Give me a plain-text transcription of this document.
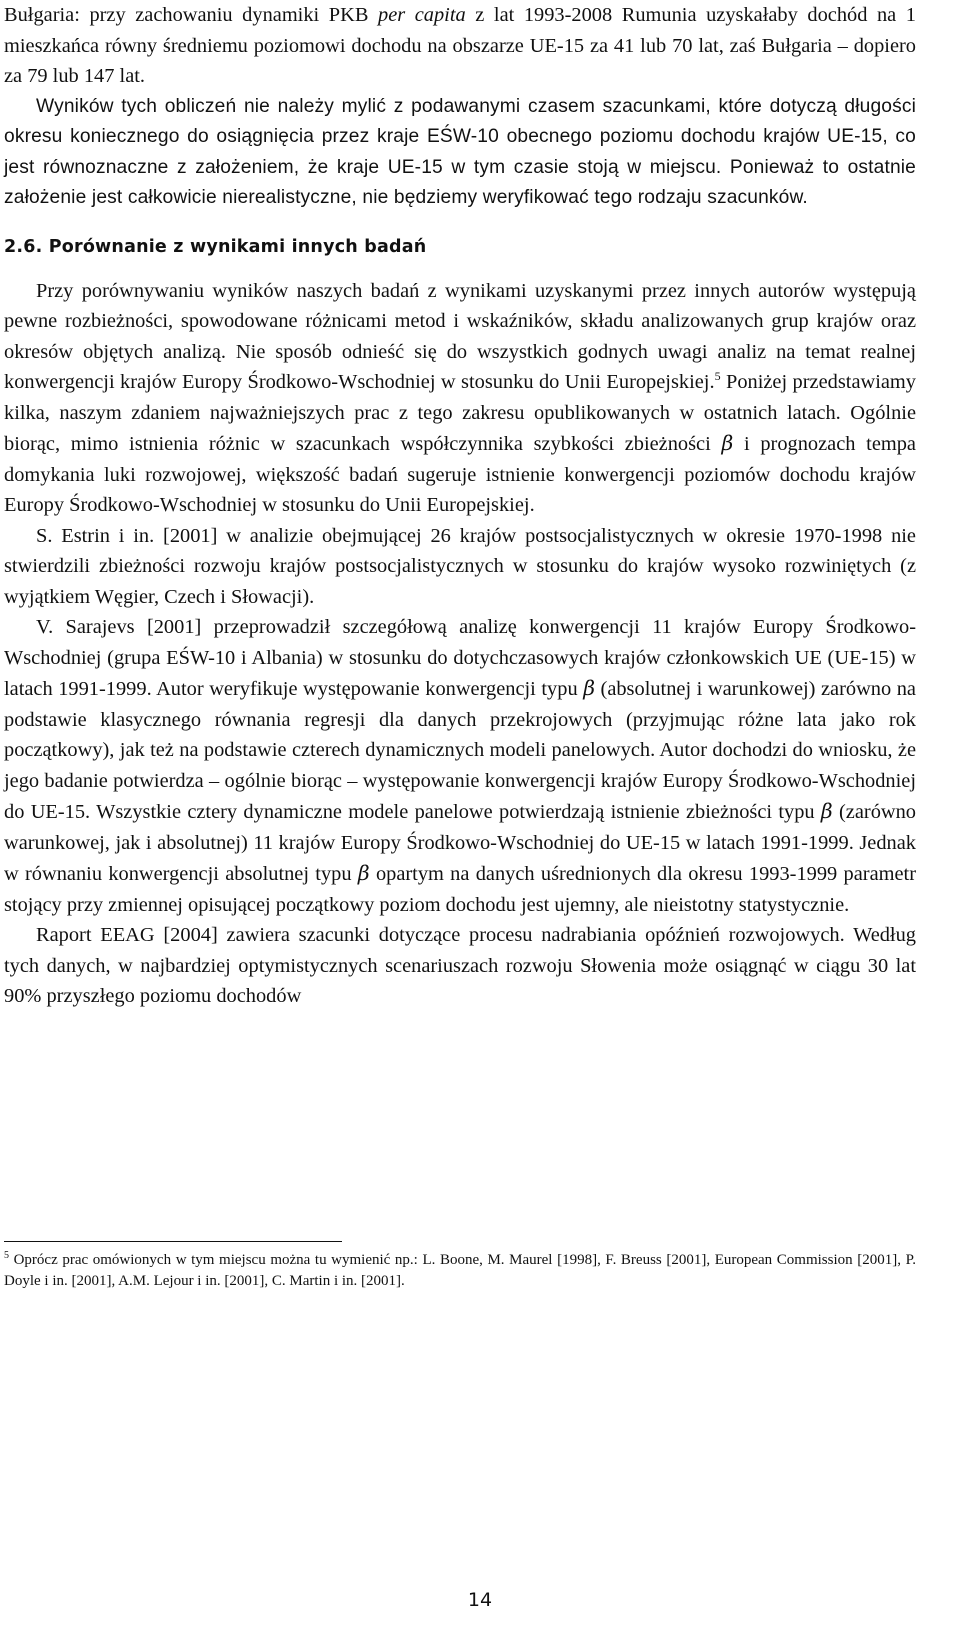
Bułgaria: przy zachowaniu dynamiki PKB per capita z lat 1993-2008 Rumunia uzyskałaby dochód na 1 mieszkańca równy średniemu poziomowi dochodu na obszarze UE-15 za 41 lub 70 lat, zaś Bułgaria – dopiero za 79 lub 147 lat.

Wyników tych obliczeń nie należy mylić z podawanymi czasem szacunkami, które dotyczą długości okresu koniecznego do osiągnięcia przez kraje EŚW-10 obecnego poziomu dochodu krajów UE-15, co jest równoznaczne z założeniem, że kraje UE-15 w tym czasie stoją w miejscu. Ponieważ to ostatnie założenie jest całkowicie nierealistyczne, nie będziemy weryfikować tego rodzaju szacunków.

2.6. Porównanie z wynikami innych badań

Przy porównywaniu wyników naszych badań z wynikami uzyskanymi przez innych autorów występują pewne rozbieżności, spowodowane różnicami metod i wskaźników, składu analizowanych grup krajów oraz okresów objętych analizą. Nie sposób odnieść się do wszystkich godnych uwagi analiz na temat realnej konwergencji krajów Europy Środkowo-Wschodniej w stosunku do Unii Europejskiej.$^5$ Poniżej przedstawiamy kilka, naszym zdaniem najważniejszych prac z tego zakresu opublikowanych w ostatnich latach. Ogólnie biorąc, mimo istnienia różnic w szacunkach współczynnika szybkości zbieżności β i prognozach tempa domykania luki rozwojowej, większość badań sugeruje istnienie konwergencji poziomów dochodu krajów Europy Środkowo-Wschodniej w stosunku do Unii Europejskiej.

S. Estrin i in. [2001] w analizie obejmującej 26 krajów postsocjalistycznych w okresie 1970-1998 nie stwierdzili zbieżności rozwoju krajów postsocjalistycznych w stosunku do krajów wysoko rozwiniętych (z wyjątkiem Węgier, Czech i Słowacji).

V. Sarajevs [2001] przeprowadził szczegółową analizę konwergencji 11 krajów Europy Środkowo-Wschodniej (grupa EŚW-10 i Albania) w stosunku do dotychczasowych krajów członkowskich UE (UE-15) w latach 1991-1999. Autor weryfikuje występowanie konwergencji typu β (absolutnej i warunkowej) zarówno na podstawie klasycznego równania regresji dla danych przekrojowych (przyjmując różne lata jako rok początkowy), jak też na podstawie czterech dynamicznych modeli panelowych. Autor dochodzi do wniosku, że jego badanie potwierdza – ogólnie biorąc – występowanie konwergencji krajów Europy Środkowo-Wschodniej do UE-15. Wszystkie cztery dynamiczne modele panelowe potwierdzają istnienie zbieżności typu β (zarówno warunkowej, jak i absolutnej) 11 krajów Europy Środkowo-Wschodniej do UE-15 w latach 1991-1999. Jednak w równaniu konwergencji absolutnej typu β opartym na danych uśrednionych dla okresu 1993-1999 parametr stojący przy zmiennej opisującej początkowy poziom dochodu jest ujemny, ale nieistotny statystycznie.

Raport EEAG [2004] zawiera szacunki dotyczące procesu nadrabiania opóźnień rozwojowych. Według tych danych, w najbardziej optymistycznych scenariuszach rozwoju Słowenia może osiągnąć w ciągu 30 lat 90% przyszłego poziomu dochodów

$^5$ Oprócz prac omówionych w tym miejscu można tu wymienić np.: L. Boone, M. Maurel [1998], F. Breuss [2001], European Commission [2001], P. Doyle i in. [2001], A.M. Lejour i in. [2001], C. Martin i in. [2001].
14
